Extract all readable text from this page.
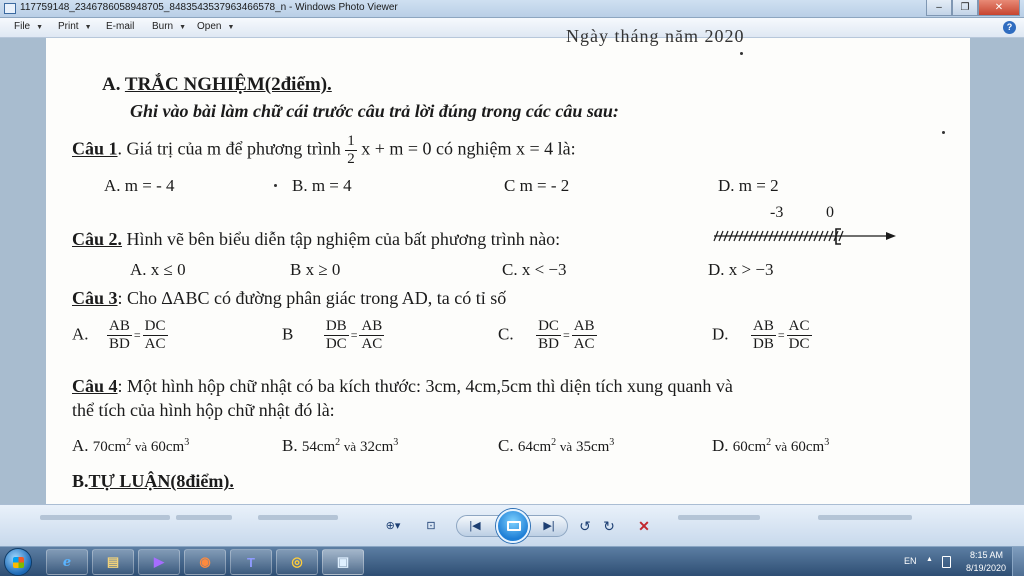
117759148_2346786058948705_8483543537963466578_n - Windows Photo Viewer	–	❐	✕
File ▼ Print ▼ E-mail Burn ▼ Open ▼	?
Ngày tháng năm 2020
A. TRẮC NGHIỆM(2điểm).
Ghi vào bài làm chữ cái trước câu trả lời đúng trong các câu sau:
Câu 1. Giá trị của m để phương trình $\frac{1}{2}$ x + m = 0 có nghiệm x = 4 là:
A. m = - 4	B. m = 4	C m = - 2	D. m = 2
Câu 2. Hình vẽ bên biểu diễn tập nghiệm của bất phương trình nào:
-3	0
A. x ≤ 0	B x ≥ 0	C. x < −3	D. x > −3
Câu 3: Cho ∆ABC có đường phân giác trong AD, ta có tỉ số
A. $\frac{AB}{BD} = \frac{DC}{AC}$	B $\frac{DB}{DC} = \frac{AB}{AC}$	C. $\frac{DC}{BD} = \frac{AB}{AC}$	D. $\frac{AB}{DB} = \frac{AC}{DC}$
Câu 4: Một hình hộp chữ nhật có ba kích thước: 3cm, 4cm,5cm thì diện tích xung quanh và
thể tích của hình hộp chữ nhật đó là:
A. $70cm^2$ và $60cm^3$	B. $54cm^2$ và $32cm^3$	C. $64cm^2$ và $35cm^3$	D. $60cm^2$ và $60cm^3$
B.TỰ LUẬN(8điểm).
⊕▾	⊡	|◀	▶|	↺ ↻ ✕
e	▤	▶	◉	T	◎	▣	EN ▲	8:15 AM
8/19/2020
